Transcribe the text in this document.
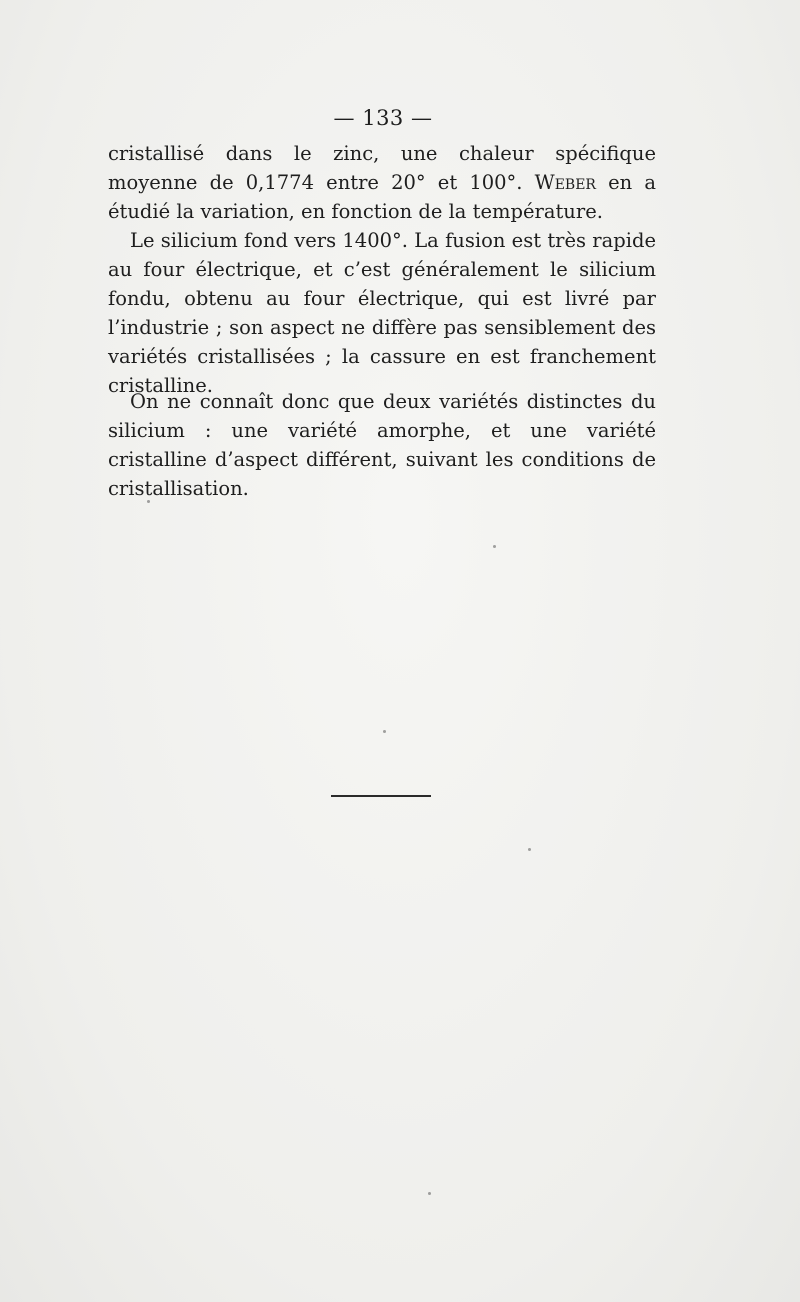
— 133 —

cristallisé dans le zinc, une chaleur spécifique moyenne de 0,1774 entre 20° et 100°. Weber en a étudié la variation, en fonction de la température.

Le silicium fond vers 1400°. La fusion est très rapide au four électrique, et c’est généralement le silicium fondu, obtenu au four électrique, qui est livré par l’industrie ; son aspect ne diffère pas sensiblement des variétés cristallisées ; la cassure en est franchement cristalline.

On ne connaît donc que deux variétés distinctes du silicium : une variété amorphe, et une variété cristalline d’aspect différent, suivant les conditions de cristallisation.
